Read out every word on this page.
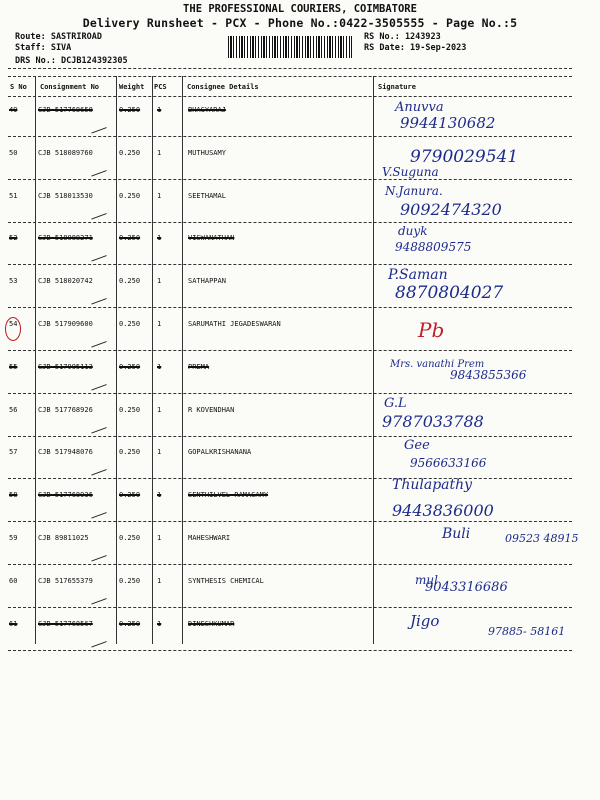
THE PROFESSIONAL COURIERS, COIMBATORE
Delivery Runsheet - PCX - Phone No.:0422-3505555 - Page No.:5
Route: SASTRIROAD
Staff: SIVA
DRS No.: DCJB124392305
RS No.: 1243923
RS Date: 19-Sep-2023
S No Consignment No	Weight PCS	Consignee Details	Signature
49	CJB 517768658	0.250 1	BHAGYARAJ	Anuvva
9944130682
50	CJB 518089760	0.250 1	MUTHUSAMY	9790029541
V.Suguna
51	CJB 518013530	0.250 1	SEETHAMAL	N.Janura.
9092474320
52	CJB 518088271	0.250 1	VISWANATHAN	duyk
9488809575
53	CJB 518020742	0.250 1	SATHAPPAN	P.Saman
8870804027
54	CJB 517909600	0.250 1	SARUMATHI JEGADESWARAN	Pb
55	CJB 517995113	0.250 1	PREMA	Mrs. vanathi Prem
9843855366
56	CJB 517768926	0.250 1	R KOVENDHAN	G.L
9787033788
57	CJB 517948076	0.250 1	GOPALKRISHANANA	Gee
9566633166
58	CJB 517768936	0.250 1	SENTHILVEL RAMASAMY
Thulapathy
9443836000
59	CJB 89811025	0.250 1	MAHESHWARI	Buli	09523 48915
60	CJB 517655379	0.250 1	SYNTHESIS CHEMICAL	mul
9043316686
61	CJB 517768567	0.250 1	DINESHKUMAR	Jigo
97885- 58161
